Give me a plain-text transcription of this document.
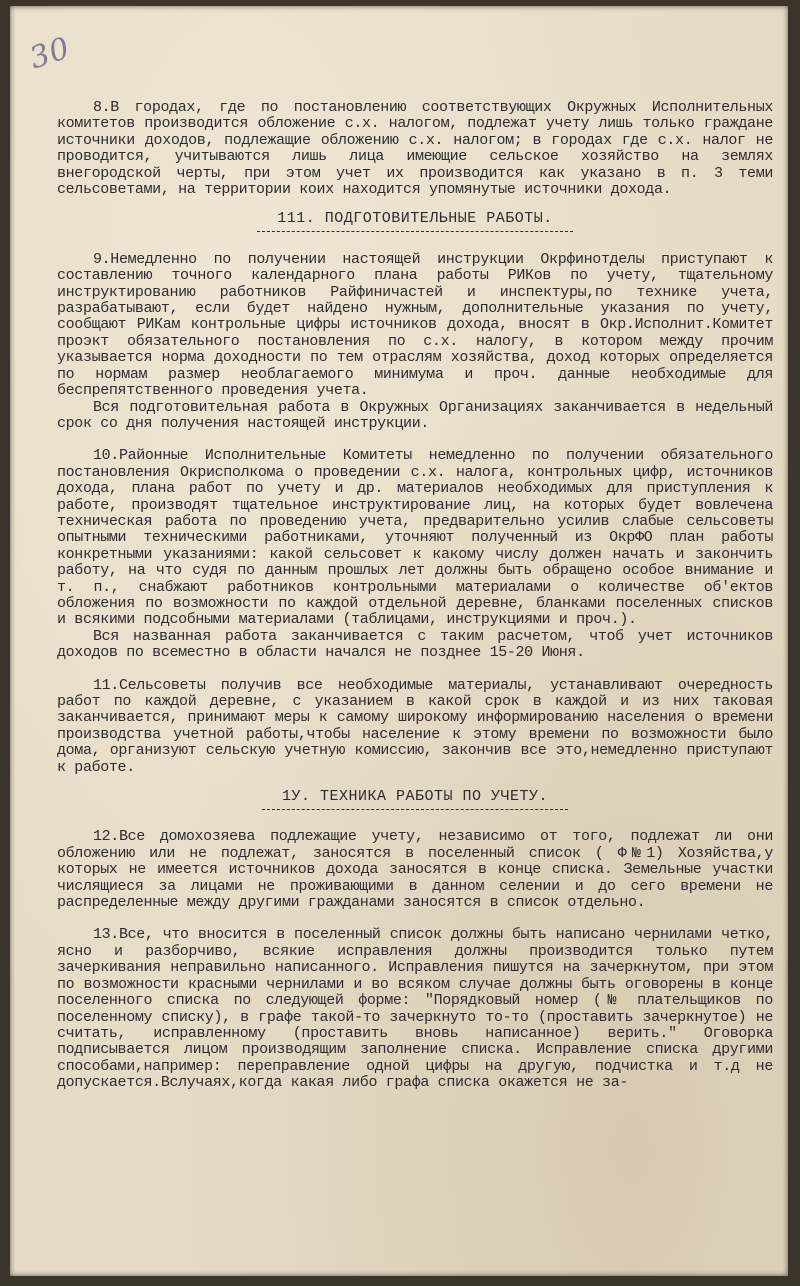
30

8.В городах, где по постановлению соответствующих Окружных Исполнительных комитетов производится обложение с.х. налогом, подлежат учету лишь только граждане источники доходов, подлежащие обложению с.х. налогом; в городах где с.х. налог не проводится, учитываются лишь лица имеющие сельское хозяйство на землях внегородской черты, при этом учет их производится как указано в п. 3 теми сельсоветами, на территории коих находится упомянутые источники дохода.

111. ПОДГОТОВИТЕЛЬНЫЕ РАБОТЫ.

9.Немедленно по получении настоящей инструкции Окрфинотделы приступают к составлению точного календарного плана работы РИКов по учету, тщательному инструктированию работников Райфиничастей и инспектуры,по технике учета, разрабатывают, если будет найдено нужным, дополнительные указания по учету, сообщают РИКам контрольные цифры источников дохода, вносят в Окр.Исполнит.Комитет проэкт обязательного постановления по с.х. налогу, в котором между прочим указывается норма доходности по тем отраслям хозяйства, доход которых определяется по нормам размер необлагаемого минимума и проч. данные необходимые для беспрепятственного проведения учета.

Вся подготовительная работа в Окружных Организациях заканчивается в недельный срок со дня получения настоящей инструкции.

10.Районные Исполнительные Комитеты немедленно по получении обязательного постановления Окрисполкома о проведении с.х. налога, контрольных цифр, источников дохода, плана работ по учету и др. материалов необходимых для приступления к работе, производят тщательное инструктирование лиц, на которых будет вовлечена техническая работа по проведению учета, предварительно усилив слабые сельсоветы опытными техническими работниками, уточняют полученный из ОкрФО план работы конкретными указаниями: какой сельсовет к какому числу должен начать и закончить работу, на что судя по данным прошлых лет должны быть обращено особое внимание и т. п., снабжают работников контрольными материалами о количестве об'ектов обложения по возможности по каждой отдельной деревне, бланками поселенных списков и всякими подсобными материалами (таблицами, инструкциями и проч.).

Вся названная работа заканчивается с таким расчетом, чтоб учет источников доходов по всеместно в области начался не позднее 15-20 Июня.

11.Сельсоветы получив все необходимые материалы, устанавливают очередность работ по каждой деревне, с указанием в какой срок в каждой и из них таковая заканчивается, принимают меры к самому широкому информированию населения о времени производства учетной работы,чтобы население к этому времени по возможности было дома, организуют сельскую учетную комиссию, закончив все это,немедленно приступают к работе.

1У. ТЕХНИКА РАБОТЫ ПО УЧЕТУ.

12.Все домохозяева подлежащие учету, независимо от того, подлежат ли они обложению или не подлежат, заносятся в поселенный список ( Ф№1) Хозяйства,у которых не имеется источников дохода заносятся в конце списка. Земельные участки числящиеся за лицами не проживающими в данном селении и до сего времени не распределенные между другими гражданами заносятся в список отдельно.

13.Все, что вносится в поселенный список должны быть написано чернилами четко, ясно и разборчиво, всякие исправления должны производится только путем зачеркивания неправильно написанного. Исправления пишутся на зачеркнутом, при этом по возможности красными чернилами и во всяком случае должны быть оговорены в конце поселенного списка по следующей форме: "Порядковый номер (№ плательщиков по поселенному списку), в графе такой-то зачеркнуто то-то (проставить зачеркнутое) не считать, исправленному (проставить вновь написанное) верить." Оговорка подписывается лицом производящим заполнение списка. Исправление списка другими способами,например: переправление одной цифры на другую, подчистка и т.д не допускается.Вслучаях,когда какая либо графа списка окажется не за-
